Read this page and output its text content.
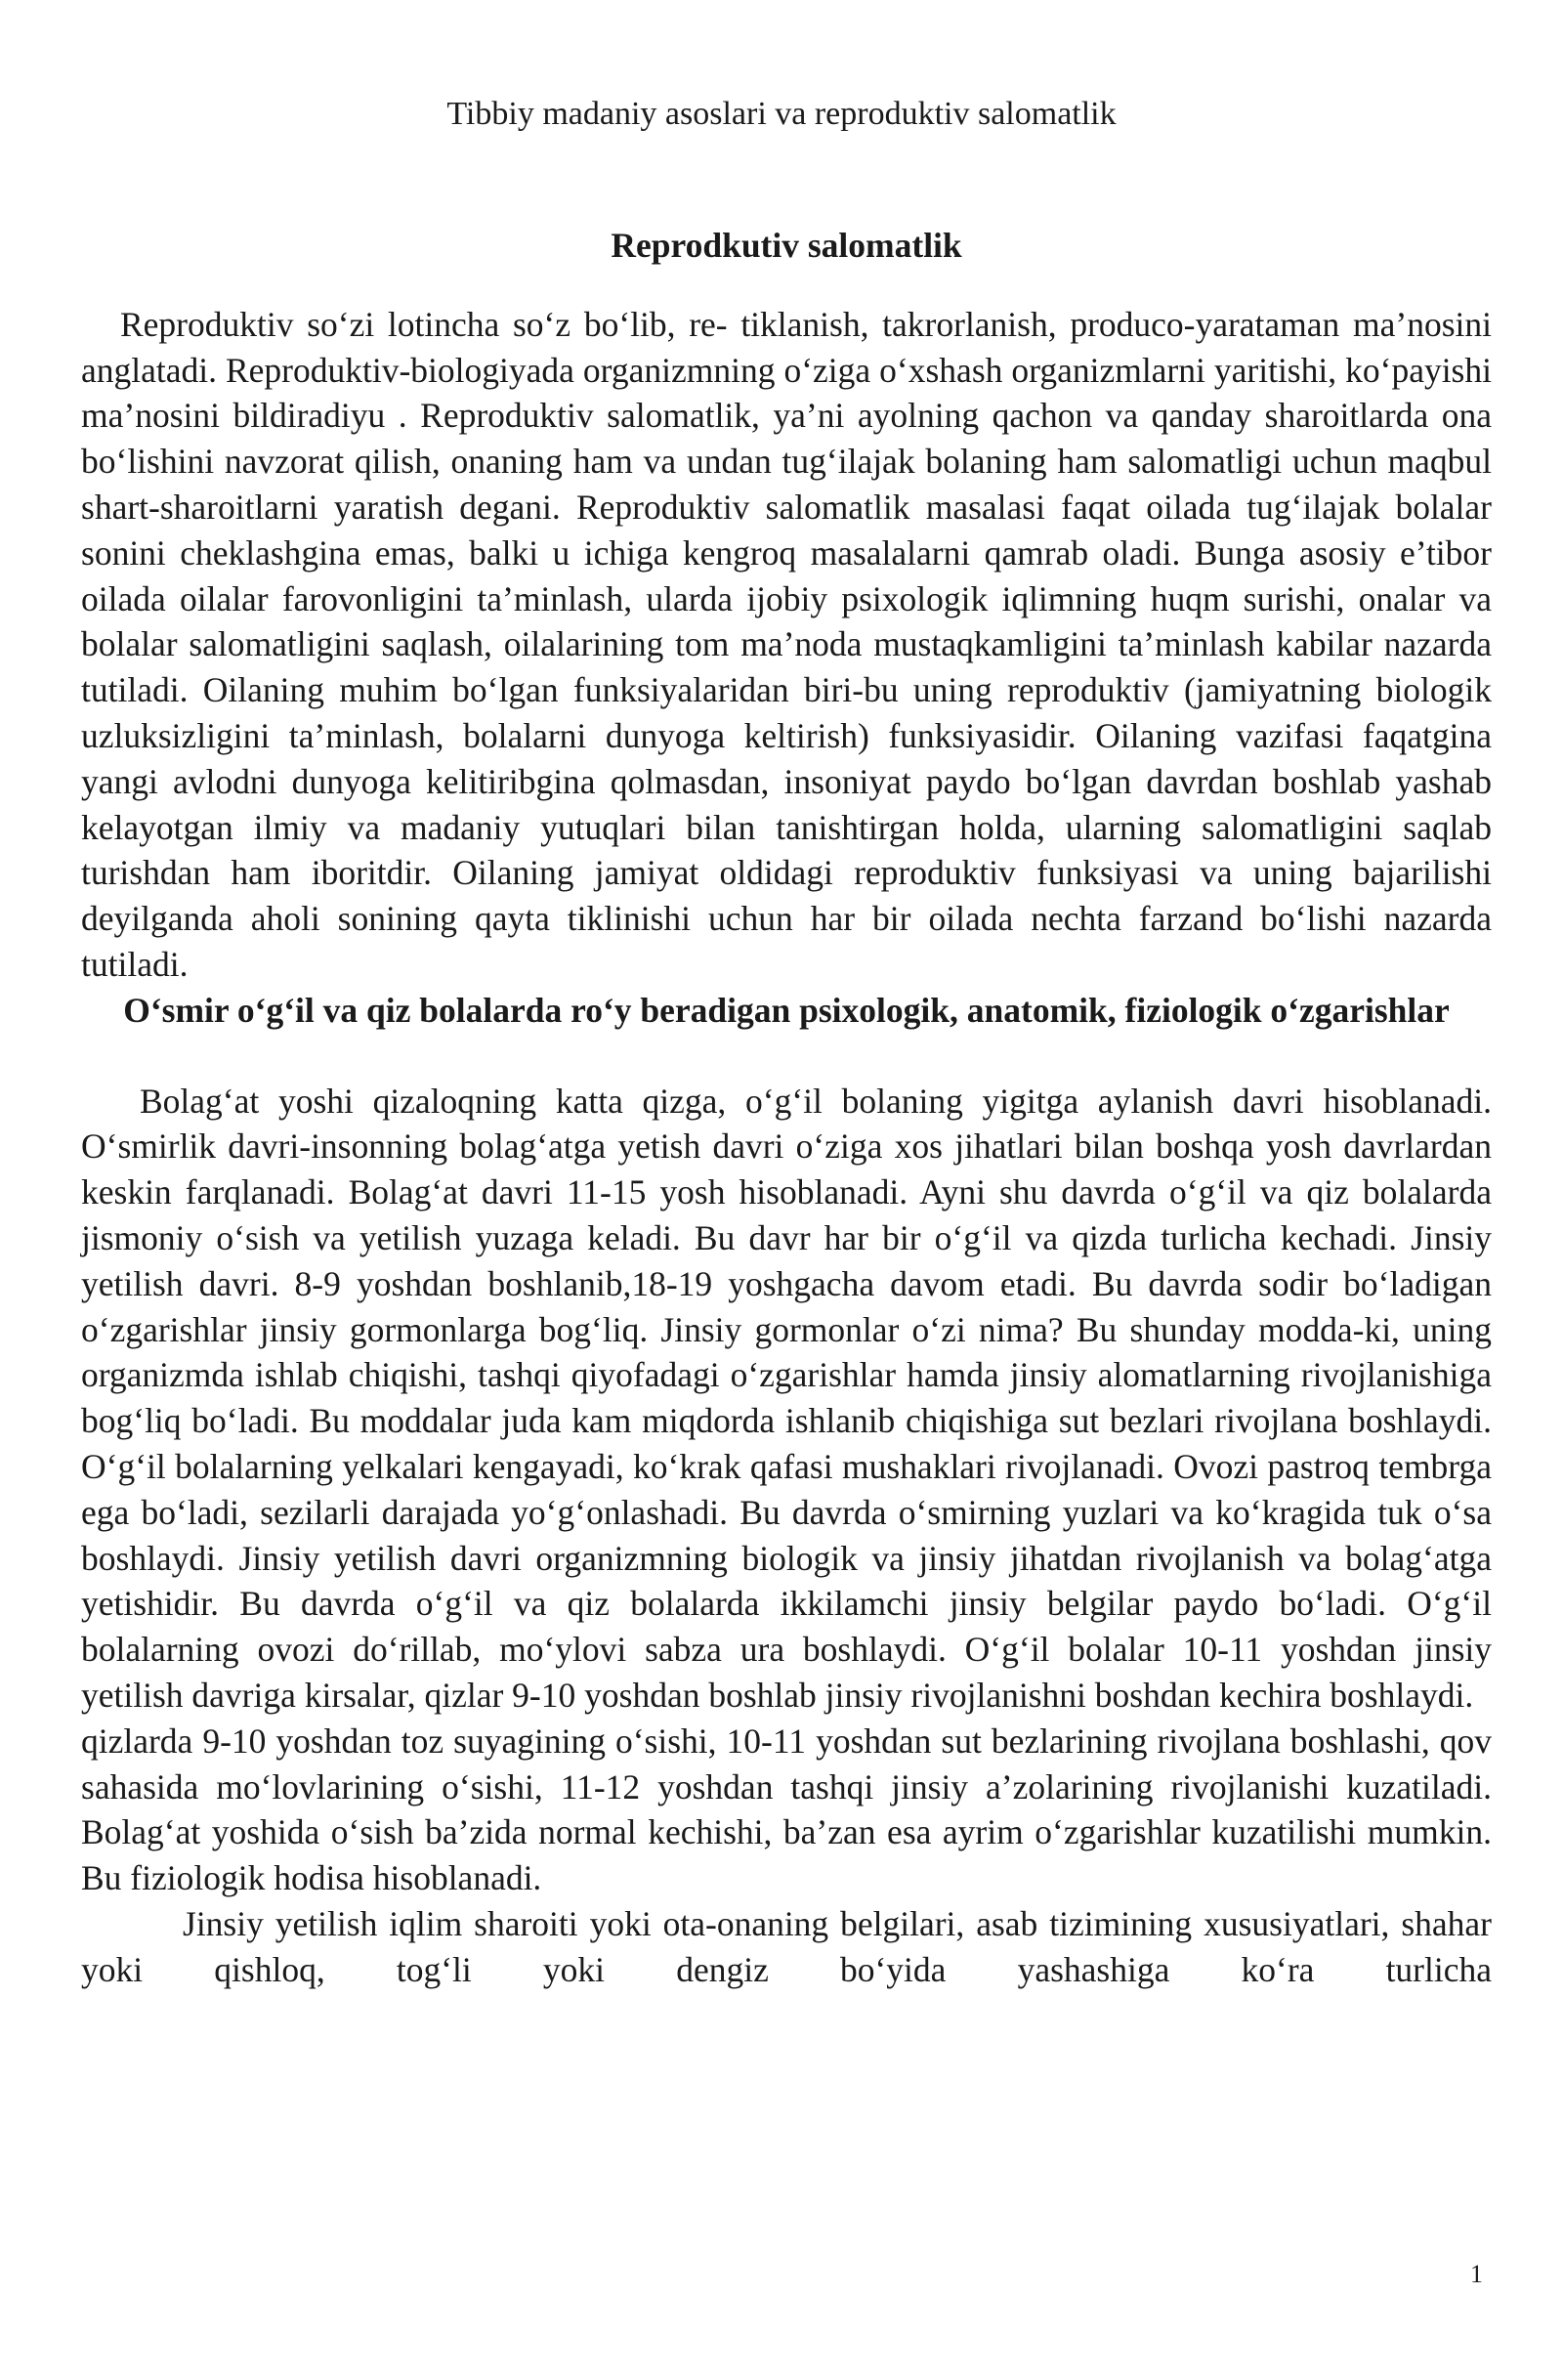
Tibbiy madaniy asoslari va reproduktiv salomatlik
Reprodkutiv salomatlik

Reproduktiv so‘zi lotincha so‘z bo‘lib, re- tiklanish, takrorlanish, produco-yarataman ma’nosini anglatadi. Reproduktiv-biologiyada organizmning o‘ziga o‘xshash organizmlarni yaritishi, ko‘payishi ma’nosini bildiradiyu . Reproduktiv salomatlik, ya’ni ayolning qachon va qanday sharoitlarda ona bo‘lishini navzorat qilish, onaning ham va undan tug‘ilajak bolaning ham salomatligi uchun maqbul shart-sharoitlarni yaratish degani. Reproduktiv salomatlik masalasi faqat oilada tug‘ilajak bolalar sonini cheklashgina emas, balki u ichiga kengroq masalalarni qamrab oladi. Bunga asosiy e’tibor oilada oilalar farovonligini ta’minlash, ularda ijobiy psixologik iqlimning huqm surishi, onalar va bolalar salomatligini saqlash, oilalarining tom ma’noda mustaqkamligini ta’minlash kabilar nazarda tutiladi. Oilaning muhim bo‘lgan funksiyalaridan biri-bu uning reproduktiv (jamiyatning biologik uzluksizligini ta’minlash, bolalarni dunyoga keltirish) funksiyasidir. Oilaning vazifasi faqatgina yangi avlodni dunyoga kelitiribgina qolmasdan, insoniyat paydo bo‘lgan davrdan boshlab yashab kelayotgan ilmiy va madaniy yutuqlari bilan tanishtirgan holda, ularning salomatligini saqlab turishdan ham iboritdir. Oilaning jamiyat oldidagi reproduktiv funksiyasi va uning bajarilishi deyilganda aholi sonining qayta tiklinishi uchun har bir oilada nechta farzand bo‘lishi nazarda tutiladi.

O‘smir o‘g‘il va qiz bolalarda ro‘y beradigan psixologik, anatomik, fiziologik o‘zgarishlar

Bolag‘at yoshi qizaloqning katta qizga, o‘g‘il bolaning yigitga aylanish davri hisoblanadi. O‘smirlik davri-insonning bolag‘atga yetish davri o‘ziga xos jihatlari bilan boshqa yosh davrlardan keskin farqlanadi. Bolag‘at davri 11-15 yosh hisoblanadi. Ayni shu davrda o‘g‘il va qiz bolalarda jismoniy o‘sish va yetilish yuzaga keladi. Bu davr har bir o‘g‘il va qizda turlicha kechadi. Jinsiy yetilish davri. 8-9 yoshdan boshlanib,18-19 yoshgacha davom etadi. Bu davrda sodir bo‘ladigan o‘zgarishlar jinsiy gormonlarga bog‘liq. Jinsiy gormonlar o‘zi nima? Bu shunday modda-ki, uning organizmda ishlab chiqishi, tashqi qiyofadagi o‘zgarishlar hamda jinsiy alomatlarning rivojlanishiga bog‘liq bo‘ladi. Bu moddalar juda kam miqdorda ishlanib chiqishiga sut bezlari rivojlana boshlaydi. O‘g‘il bolalarning yelkalari kengayadi, ko‘krak qafasi mushaklari rivojlanadi. Ovozi pastroq tembrga ega bo‘ladi, sezilarli darajada yo‘g‘onlashadi. Bu davrda o‘smirning yuzlari va ko‘kragida tuk o‘sa boshlaydi. Jinsiy yetilish davri organizmning biologik va jinsiy jihatdan rivojlanish va bolag‘atga yetishidir. Bu davrda o‘g‘il va qiz bolalarda ikkilamchi jinsiy belgilar paydo bo‘ladi. O‘g‘il bolalarning ovozi do‘rillab, mo‘ylovi sabza ura boshlaydi. O‘g‘il bolalar 10-11 yoshdan jinsiy yetilish davriga kirsalar, qizlar 9-10 yoshdan boshlab jinsiy rivojlanishni boshdan kechira boshlaydi.

qizlarda 9-10 yoshdan toz suyagining o‘sishi, 10-11 yoshdan sut bezlarining rivojlana boshlashi, qov sahasida mo‘lovlarining o‘sishi, 11-12 yoshdan tashqi jinsiy a’zolarining rivojlanishi kuzatiladi. Bolag‘at yoshida o‘sish ba’zida normal kechishi, ba’zan esa ayrim o‘zgarishlar kuzatilishi mumkin. Bu fiziologik hodisa hisoblanadi.

Jinsiy yetilish iqlim sharoiti yoki ota-onaning belgilari, asab tizimining xususiyatlari, shahar yoki qishloq, tog‘li yoki dengiz bo‘yida yashashiga ko‘ra turlicha

1
